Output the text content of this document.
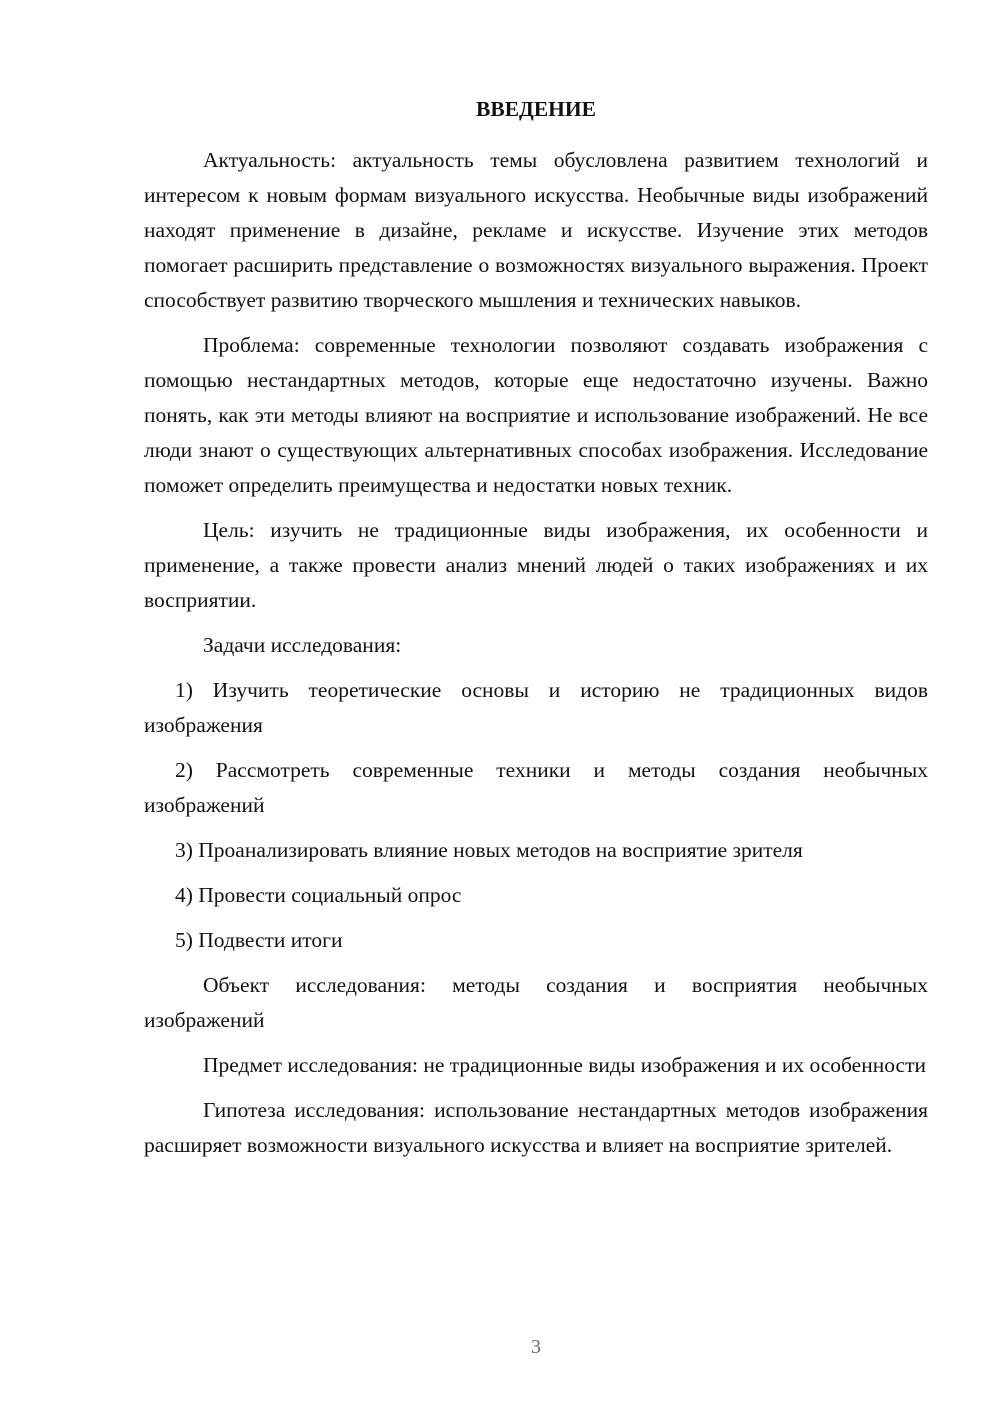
ВВЕДЕНИЕ

Актуальность: актуальность темы обусловлена развитием технологий и интересом к новым формам визуального искусства. Необычные виды изображений находят применение в дизайне, рекламе и искусстве. Изучение этих методов помогает расширить представление о возможностях визуального выражения. Проект способствует развитию творческого мышления и технических навыков.

Проблема: современные технологии позволяют создавать изображения с помощью нестандартных методов, которые еще недостаточно изучены. Важно понять, как эти методы влияют на восприятие и использование изображений. Не все люди знают о существующих альтернативных способах изображения. Исследование поможет определить преимущества и недостатки новых техник.

Цель: изучить не традиционные виды изображения, их особенности и применение, а также провести анализ мнений людей о таких изображениях и их восприятии.

Задачи исследования:

1) Изучить теоретические основы и историю не традиционных видов изображения

2) Рассмотреть современные техники и методы создания необычных изображений

3) Проанализировать влияние новых методов на восприятие зрителя

4) Провести социальный опрос

5) Подвести итоги

Объект исследования: методы создания и восприятия необычных изображений

Предмет исследования: не традиционные виды изображения и их особенности

Гипотеза исследования: использование нестандартных методов изображения расширяет возможности визуального искусства и влияет на восприятие зрителей.

3
